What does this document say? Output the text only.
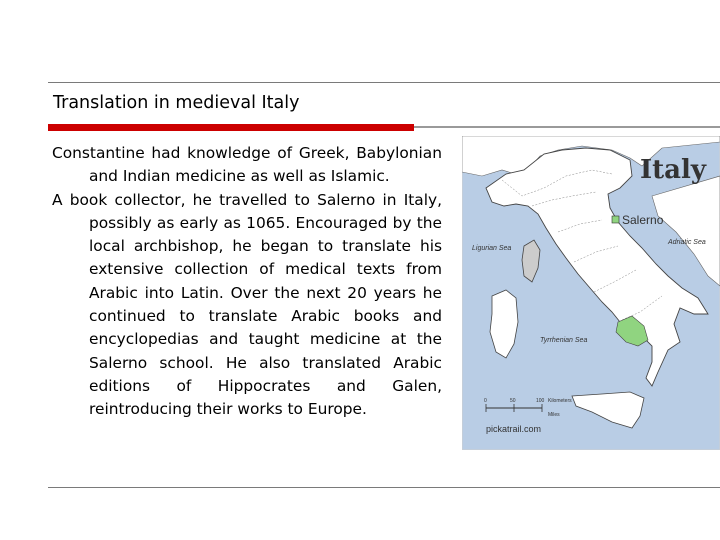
Translation in medieval Italy

Constantine had knowledge of Greek, Babylonian and Indian medicine as well as Islamic.

A book collector, he travelled to Salerno in Italy, possibly as early as 1065. Encouraged by the local archbishop, he began to translate his extensive collection of medical texts from Arabic into Latin. Over the next 20 years he continued to translate Arabic books and encyclopedias and taught medicine at the Salerno school. He also translated Arabic editions of Hippocrates and Galen, reintroducing their works to Europe.

Italy
Salerno
Ligurian Sea
Adriatic Sea
Tyrrhenian Sea
0	50	100 Kilometers
Miles
pickatrail.com
